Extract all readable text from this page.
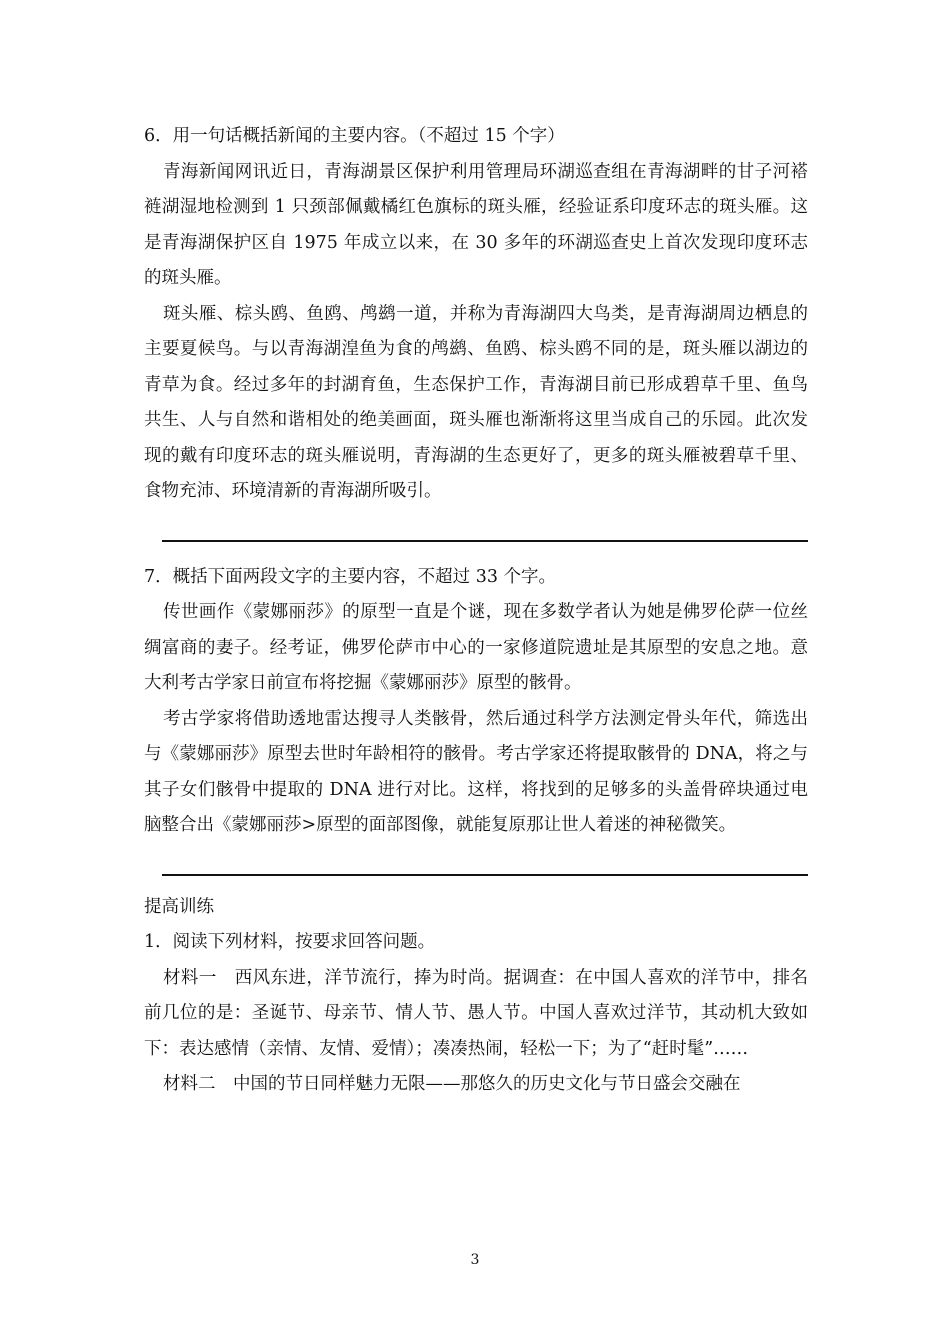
6．用一句话概括新闻的主要内容。（不超过 15 个字）

青海新闻网讯近日，青海湖景区保护利用管理局环湖巡查组在青海湖畔的甘子河褡裢湖湿地检测到 1 只颈部佩戴橘红色旗标的斑头雁，经验证系印度环志的斑头雁。这是青海湖保护区自 1975 年成立以来，在 30 多年的环湖巡查史上首次发现印度环志的斑头雁。

斑头雁、棕头鸥、鱼鸥、鸬鹚一道，并称为青海湖四大鸟类，是青海湖周边栖息的主要夏候鸟。与以青海湖湟鱼为食的鸬鹚、鱼鸥、棕头鸥不同的是，斑头雁以湖边的青草为食。经过多年的封湖育鱼，生态保护工作，青海湖目前已形成碧草千里、鱼鸟共生、人与自然和谐相处的绝美画面，斑头雁也渐渐将这里当成自己的乐园。此次发现的戴有印度环志的斑头雁说明，青海湖的生态更好了，更多的斑头雁被碧草千里、食物充沛、环境清新的青海湖所吸引。

7．概括下面两段文字的主要内容，不超过 33 个字。

传世画作《蒙娜丽莎》的原型一直是个谜，现在多数学者认为她是佛罗伦萨一位丝绸富商的妻子。经考证，佛罗伦萨市中心的一家修道院遗址是其原型的安息之地。意大利考古学家日前宣布将挖掘《蒙娜丽莎》原型的骸骨。

考古学家将借助透地雷达搜寻人类骸骨，然后通过科学方法测定骨头年代，筛选出与《蒙娜丽莎》原型去世时年龄相符的骸骨。考古学家还将提取骸骨的 DNA，将之与其子女们骸骨中提取的 DNA 进行对比。这样，将找到的足够多的头盖骨碎块通过电脑整合出《蒙娜丽莎>原型的面部图像，就能复原那让世人着迷的神秘微笑。

提高训练

1．阅读下列材料，按要求回答问题。

材料一　西风东进，洋节流行，捧为时尚。据调查：在中国人喜欢的洋节中，排名前几位的是：圣诞节、母亲节、情人节、愚人节。中国人喜欢过洋节，其动机大致如下：表达感情（亲情、友情、爱情）；凑凑热闹，轻松一下；为了“赶时髦”……

材料二　中国的节日同样魅力无限——那悠久的历史文化与节日盛会交融在

3
